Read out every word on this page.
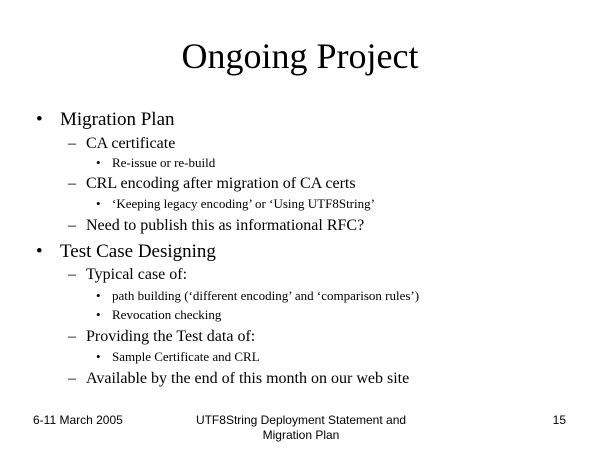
Ongoing Project
• Migration Plan
– CA certificate
• Re-issue or re-build
– CRL encoding after migration of CA certs
• ‘Keeping legacy encoding’ or ‘Using UTF8String’
– Need to publish this as informational RFC?
• Test Case Designing
– Typical case of:
• path building (‘different encoding’ and ‘comparison rules’)
• Revocation checking
– Providing the Test data of:
• Sample Certificate and CRL
– Available by the end of this month on our web site
6-11 March 2005	UTF8String Deployment Statement and
Migration Plan
15
